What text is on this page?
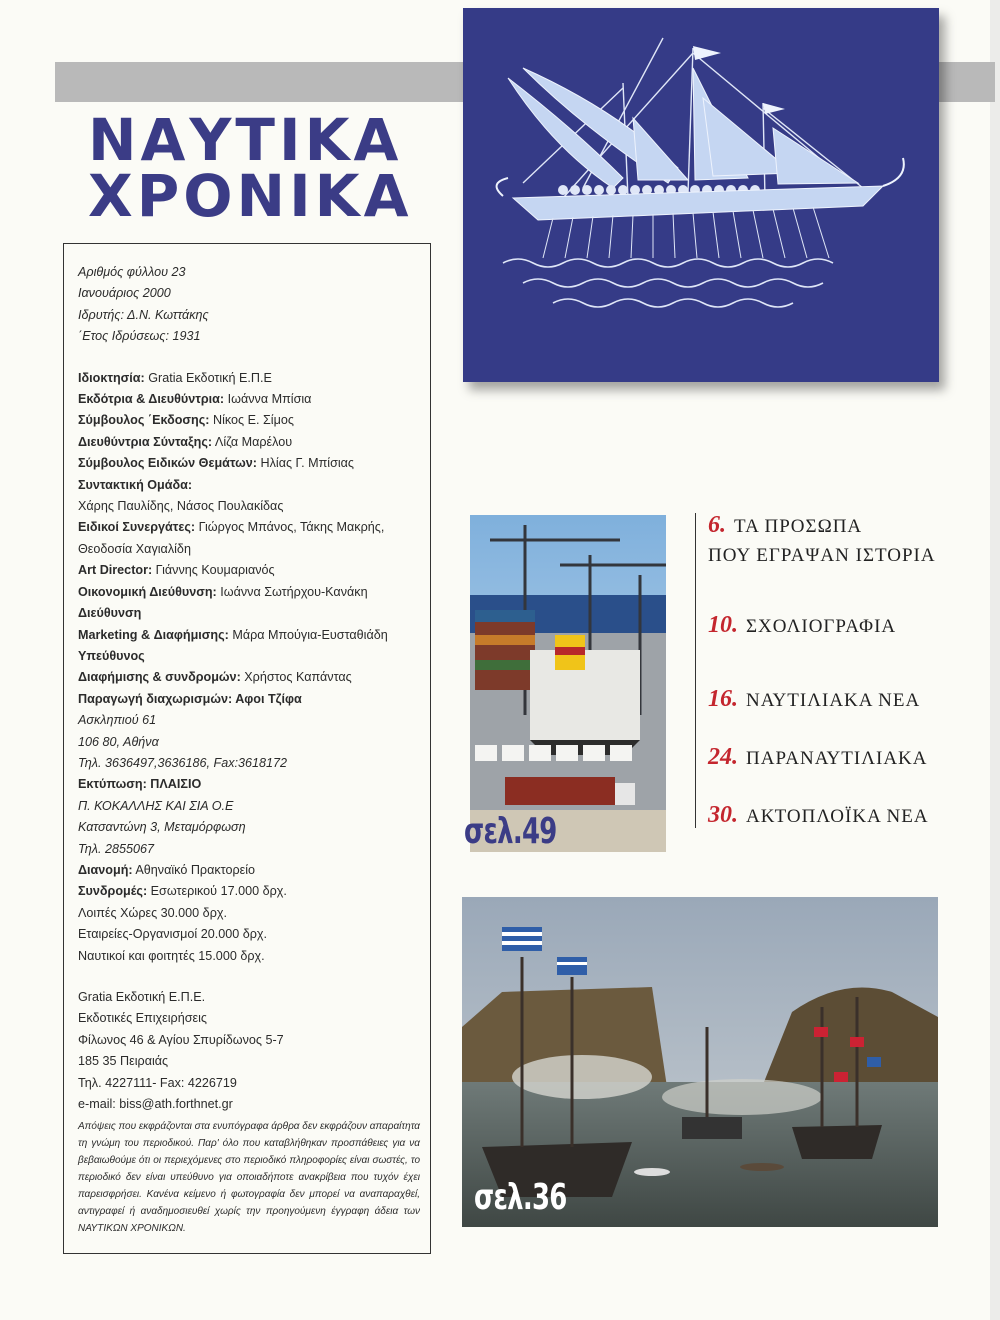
ΝΑΥΤΙΚΑ
ΧΡΟΝΙΚΑ
Αριθμός φύλλου 23
Ιανουάριος 2000
Ιδρυτής: Δ.Ν. Κωττάκης
΄Ετος Ιδρύσεως: 1931
Ιδιοκτησία: Gratia Εκδοτική Ε.Π.Ε
Εκδότρια & Διευθύντρια: Ιωάννα Μπίσια
Σύμβουλος ΄Εκδοσης: Νίκος Ε. Σίμος
Διευθύντρια Σύνταξης: Λίζα Μαρέλου
Σύμβουλος Ειδικών Θεμάτων: Ηλίας Γ. Μπίσιας
Συντακτική Ομάδα:
Χάρης Παυλίδης, Νάσος Πουλακίδας
Ειδικοί Συνεργάτες: Γιώργος Μπάνος, Τάκης Μακρής,
Θεοδοσία Χαγιαλίδη
Art Director: Γιάννης Κουμαριανός
Οικονομική Διεύθυνση: Ιωάννα Σωτήρχου-Κανάκη
Διεύθυνση
Marketing & Διαφήμισης: Μάρα Μπούγια-Ευσταθιάδη
Υπεύθυνος
Διαφήμισης & συνδρομών: Χρήστος Καπάντας
Παραγωγή διαχωρισμών: Αφοι Τζίφα
Ασκληπιού 61
106 80, Αθήνα
Τηλ. 3636497,3636186, Fax:3618172
Εκτύπωση: ΠΛΑΙΣΙΟ
Π. ΚΟΚΑΛΛΗΣ ΚΑΙ ΣΙΑ Ο.Ε
Κατσαντώνη 3, Μεταμόρφωση
Τηλ. 2855067
Διανομή: Αθηναϊκό Πρακτορείο
Συνδρομές: Εσωτερικού 17.000 δρχ.
Λοιπές Χώρες 30.000 δρχ.
Εταιρείες-Οργανισμοί 20.000 δρχ.
Ναυτικοί και φοιτητές 15.000 δρχ.
Gratia Εκδοτική Ε.Π.Ε.
Εκδοτικές Επιχειρήσεις
Φίλωνος 46 & Αγίου Σπυρίδωνος 5-7
185 35 Πειραιάς
Τηλ. 4227111- Fax: 4226719
e-mail: biss@ath.forthnet.gr
Απόψεις που εκφράζονται στα ενυπόγραφα άρθρα δεν εκφράζουν απαραίτητα τη γνώμη του περιοδικού. Παρ' όλο που καταβλήθηκαν προσπάθειες για να βεβαιωθούμε ότι οι περιεχόμενες στο περιοδικό πληροφορίες είναι σωστές, το περιοδικό δεν είναι υπεύθυνο για οποιαδήποτε ανακρίβεια που τυχόν έχει παρεισφρήσει. Κανένα κείμενο ή φωτογραφία δεν μπορεί να αναπαραχθεί, αντιγραφεί ή αναδημοσιευθεί χωρίς την προηγούμενη έγγραφη άδεια των ΝΑΥΤΙΚΩΝ ΧΡΟΝΙΚΩΝ.
σελ.49
6. ΤΑ ΠΡΟΣΩΠΑ
ΠΟΥ ΕΓΡΑΨΑΝ ΙΣΤΟΡΙΑ
10. ΣΧΟΛΙΟΓΡΑΦΙΑ
16. ΝΑΥΤΙΛΙΑΚΑ ΝΕΑ
24. ΠΑΡΑΝΑΥΤΙΛΙΑΚΑ
30. ΑΚΤΟΠΛΟΪΚΑ ΝΕΑ
σελ.36
